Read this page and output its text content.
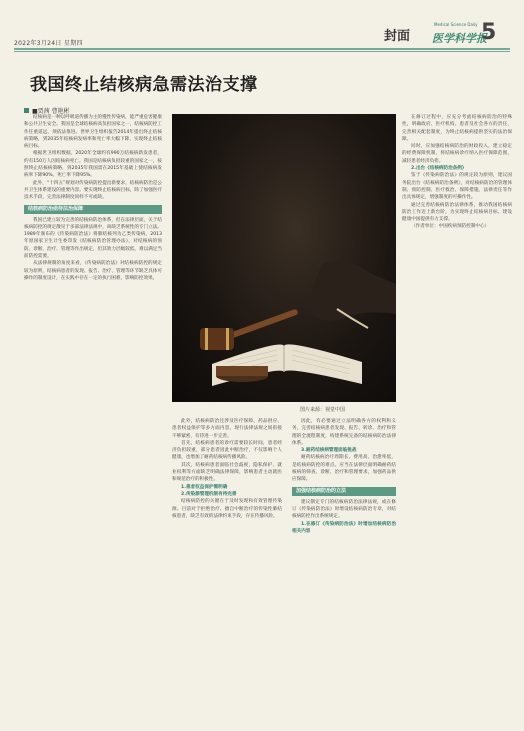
2022年3月24日 星期四	封面
Medical Science Daily
医学科学报
5
我国终止结核病急需法治支撑
■贾茜 曹艳彬

结核病是一种以呼吸道传播为主的慢性传染病，能严重危害健康和公共卫生安全。我国是全球结核病高负担国家之一，结核病防控工作任重道远，须依法推进。世界卫生组织报告2014年提出终止结核病策略，到2035年结核病发病率和死亡率大幅下降，实现终止结核病目标。

根据世卫组织数据，2020年全球约有990万结核病新发患者，约有150万人因结核病死亡。我国是结核病负担较重的国家之一，按照终止结核病策略，到2035年我国需在2015年基础上使结核病发病率下降90%、死亡率下降95%。

此外，“十四五”规划对传染病防控提出新要求，结核病防治是公共卫生体系建设的重要内容。要实现终止结核病目标，除了加强医疗技术手段，完善法律制度同样不可或缺。

结核病防治亟待法治保障

我国已建立较为完善的结核病防治体系，但在法律层面，关于结核病防控的规定散见于多部法律法规中，尚缺乏系统性的专门立法。1989年颁布的《传染病防治法》将肺结核列为乙类传染病，2013年原国家卫生计生委印发《结核病防治管理办法》，对结核病的预防、诊断、治疗、管理等作出规定，但其效力层级较低，难以满足当前防控需要。

从法律规制的角度来看，《传染病防治法》对结核病防控的规定较为原则，结核病患者的发现、报告、治疗、管理等环节缺乏具体可操作的制度设计，在实践中存在一定的执行困难，影响防控效果。

图片来源：视觉中国

此外，结核病防治还涉及医疗保障、药品供应、患者权益保护等多方面内容，现行法律法规之间衔接不够紧密，有待进一步完善。

首先，结核病患者的诊疗需要较长时间，患者经济负担较重，部分患者因此中断治疗，不仅影响个人健康，也增加了耐药结核病传播风险。

其次，结核病患者面临社会歧视，隐私保护、就业权利等方面缺乏明确法律保障，影响患者主动就医和规范治疗的积极性。

1.患者权益保护需明确

2.传染源管理机制有待完善

结核病防控的关键在于及时发现和有效管理传染源。目前对于拒绝治疗、擅自中断治疗的传染性肺结核患者，缺乏有效的法律约束手段，存在传播风险。

因此，有必要通过立法明确各方的权利和义务，完善结核病患者发现、报告、转诊、治疗和管理的全流程制度，构建系统完备的结核病防治法律体系。

3.耐药结核病管理面临挑战

耐药结核病治疗周期长、费用高、治愈率低，是结核病防控的难点。应当在法律层面明确耐药结核病的筛查、诊断、治疗和管理要求，加强药品供应保障。

加强结核病防治的立法

建议制定专门的结核病防治法律法规，或在修订《传染病防治法》时增设结核病防治专章，对结核病防控作出系统规定。

1.在修订《传染病防治法》时增加结核病防治相关内容

在修订过程中，应充分考虑结核病防治的特殊性，明确政府、医疗机构、患者及社会各方的责任，完善相关配套制度，为终止结核病提供坚实的法治保障。

同时，应加强结核病防治的财政投入，建立稳定的经费保障机制，将结核病诊疗纳入医疗保障范围，减轻患者经济负担。

2.出台《结核病防治条例》

鉴于《传染病防治法》的规定较为原则，建议国务院出台《结核病防治条例》，对结核病防治的管理体制、预防控制、医疗救治、保障措施、法律责任等作出具体规定，增强制度的可操作性。

通过完善结核病防治法律体系，推动我国结核病防治工作迈上新台阶，为实现终止结核病目标、建设健康中国提供有力支撑。

（作者单位：中国疾病预防控制中心）
